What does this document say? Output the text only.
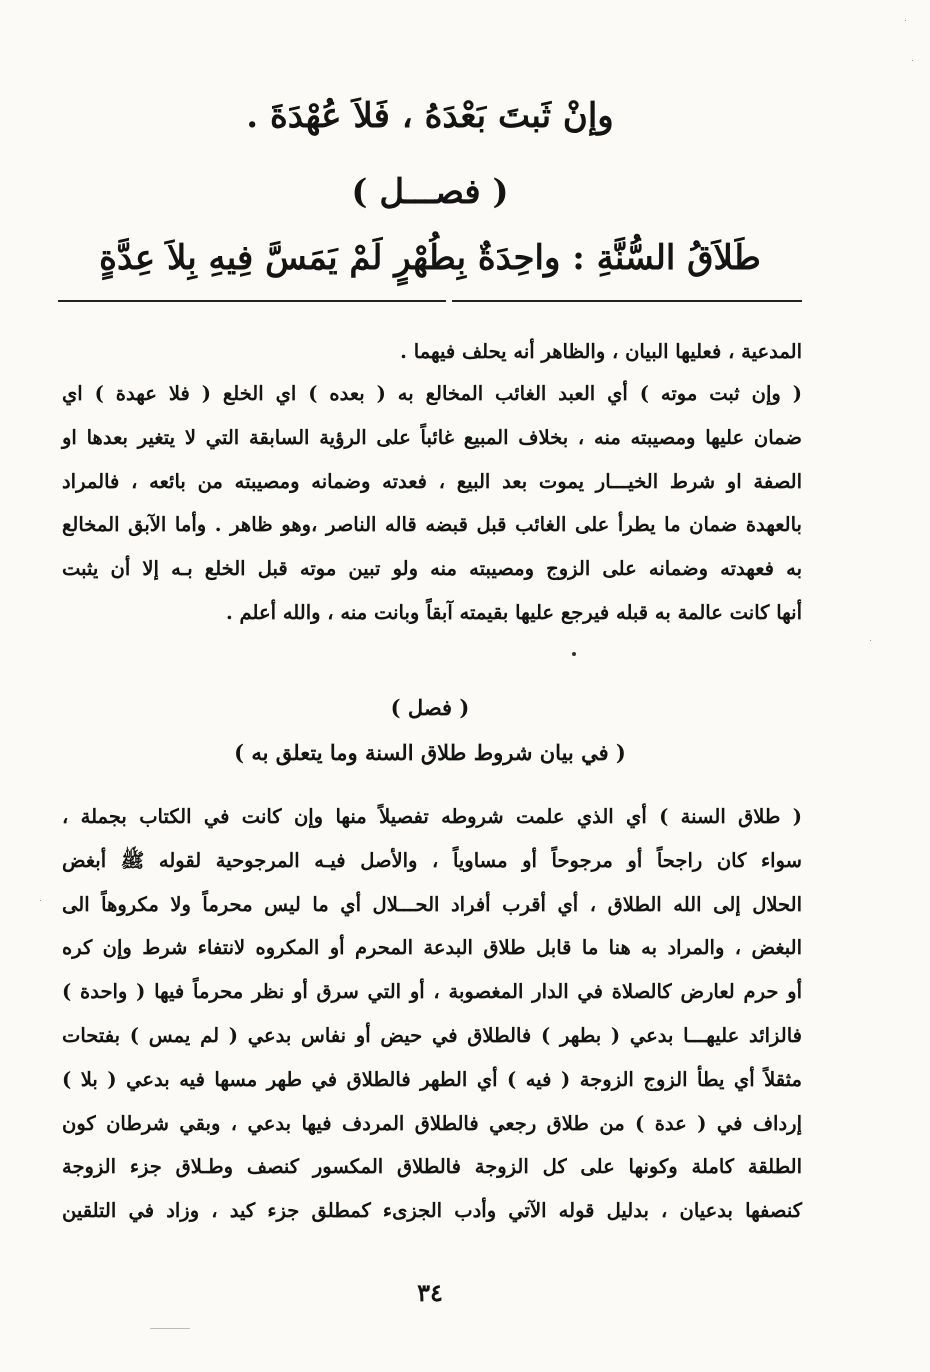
وإنْ ثَبتَ بَعْدَهُ ، فَلاَ عُهْدَةَ .
( فصـــل )
طَلاَقُ السُّنَّةِ : واحِدَةٌ بِطُهْرٍ لَمْ يَمَسَّ فِيهِ بِلاَ عِدَّةٍ
المدعية ، فعليها البيان ، والظاهر أنه يحلف فيهما .
( وإن ثبت موته ) أي العبد الغائب المخالع به ( بعده ) اي الخلع ( فلا عهدة ) اي
ضمان عليها ومصيبته منه ، بخلاف المبيع غائباً على الرؤية السابقة التي لا يتغير بعدها او
الصفة او شرط الخيـــار يموت بعد البيع ، فعدته وضمانه ومصيبته من بائعه ، فالمراد
بالعهدة ضمان ما يطرأ على الغائب قبل قبضه قاله الناصر ،وهو ظاهر . وأما الآبق المخالع
به فعهدته وضمانه على الزوج ومصيبته منه ولو تبين موته قبل الخلع بـه إلا أن يثبت
أنها كانت عالمة به قبله فيرجع عليها بقيمته آبقاً وبانت منه ، والله أعلم .
( فصل )
( في بيان شروط طلاق السنة وما يتعلق به )
( طلاق السنة ) أي الذي علمت شروطه تفصيلاً منها وإن كانت في الكتاب بجملة ،
سواء كان راجحاً أو مرجوحاً أو مساوياً ، والأصل فيـه المرجوحية لقوله ﷺ أبغض
الحلال إلى الله الطلاق ، أي أقرب أفراد الحـــلال أي ما ليس محرماً ولا مكروهاً الى
البغض ، والمراد به هنا ما قابل طلاق البدعة المحرم أو المكروه لانتفاء شرط وإن كره
أو حرم لعارض كالصلاة في الدار المغصوبة ، أو التي سرق أو نظر محرماً فيها ( واحدة )
فالزائد عليهـــا بدعي ( بطهر ) فالطلاق في حيض أو نفاس بدعي ( لم يمس ) بفتحات
مثقلاً أي يطأ الزوج الزوجة ( فيه ) أي الطهر فالطلاق في طهر مسها فيه بدعي ( بلا )
إرداف في ( عدة ) من طلاق رجعي فالطلاق المردف فيها بدعي ، وبقي شرطان كون
الطلقة كاملة وكونها على كل الزوجة فالطلاق المكسور كنصف وطـلاق جزء الزوجة
كنصفها بدعيان ، بدليل قوله الآتي وأدب الجزىء كمطلق جزء كيد ، وزاد في التلقين
٣٤
